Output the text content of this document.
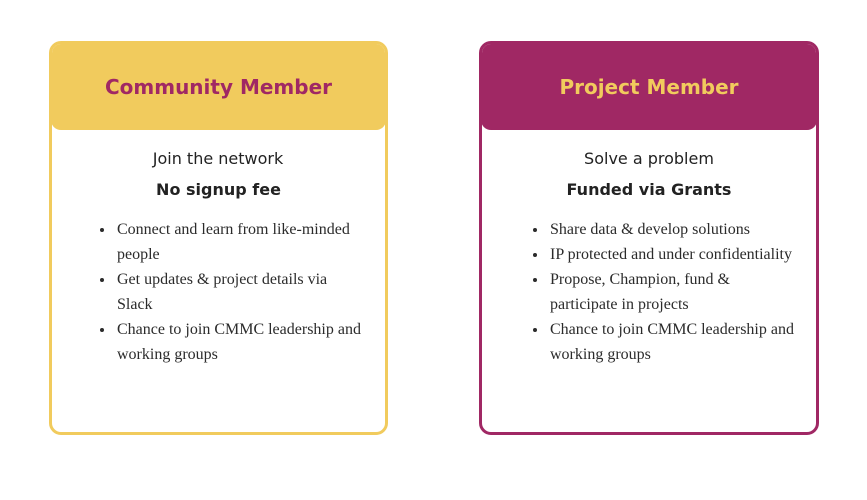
Community Member
Join the network
No signup fee
• Connect and learn from like-minded people
• Get updates & project details via Slack
• Chance to join CMMC leadership and working groups
Project Member
Solve a problem
Funded via Grants
• Share data & develop solutions
• IP protected and under confidentiality
• Propose, Champion, fund & participate in projects
• Chance to join CMMC leadership and working groups
